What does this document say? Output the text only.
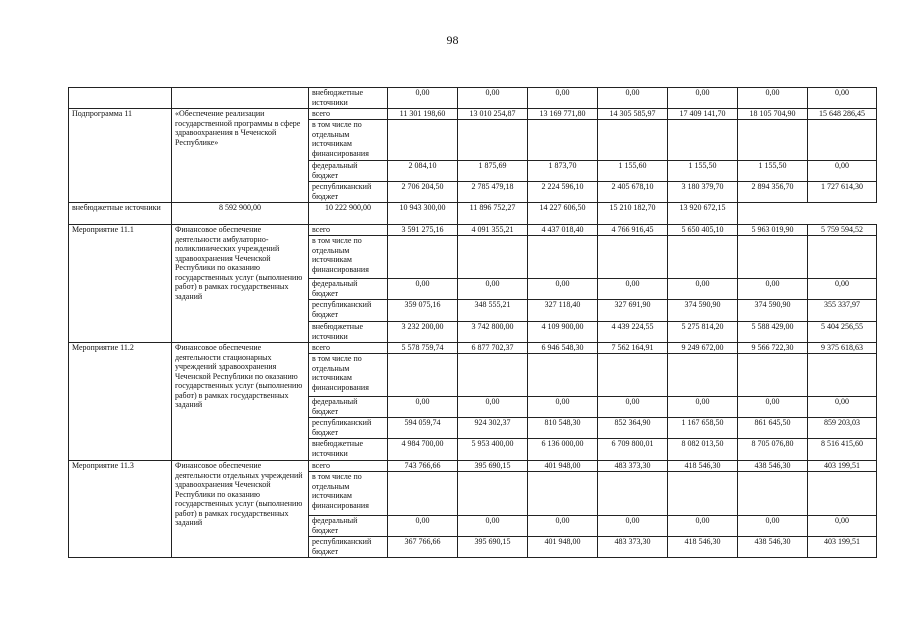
98
		внебюджетные источники	0,00	0,00	0,00	0,00	0,00	0,00	0,00
Подпрограмма 11	«Обеспечение реализации государственной программы в сфере здравоохранения в Чеченской Республике»	всего	11 301 198,60	13 010 254,87	13 169 771,80	14 305 585,97	17 409 141,70	18 105 704,90	15 648 286,45
		в том числе по отдельным источникам финансирования							
		федеральный бюджет	2 084,10	1 875,69	1 873,70	1 155,60	1 155,50	1 155,50	0,00
		республиканский бюджет	2 706 204,50	2 785 479,18	2 224 596,10	2 405 678,10	3 180 379,70	2 894 356,70	1 727 614,30
внебюджетные источники	8 592 900,00	10 222 900,00	10 943 300,00	11 896 752,27	14 227 606,50	15 210 182,70	13 920 672,15		
Мероприятие 11.1	Финансовое обеспечение деятельности амбулаторно-поликлинических учреждений здравоохранения Чеченской Республики по оказанию государственных услуг (выполнению работ) в рамках государственных заданий	всего	3 591 275,16	4 091 355,21	4 437 018,40	4 766 916,45	5 650 405,10	5 963 019,90	5 759 594,52
		в том числе по отдельным источникам финансирования							
		федеральный бюджет	0,00	0,00	0,00	0,00	0,00	0,00	0,00
		республиканский бюджет	359 075,16	348 555,21	327 118,40	327 691,90	374 590,90	374 590,90	355 337,97
		внебюджетные источники	3 232 200,00	3 742 800,00	4 109 900,00	4 439 224,55	5 275 814,20	5 588 429,00	5 404 256,55
Мероприятие 11.2	Финансовое обеспечение деятельности стационарных учреждений здравоохранения Чеченской Республики по оказанию государственных услуг (выполнению работ) в рамках государственных заданий	всего	5 578 759,74	6 877 702,37	6 946 548,30	7 562 164,91	9 249 672,00	9 566 722,30	9 375 618,63
		в том числе по отдельным источникам финансирования							
		федеральный бюджет	0,00	0,00	0,00	0,00	0,00	0,00	0,00
		республиканский бюджет	594 059,74	924 302,37	810 548,30	852 364,90	1 167 658,50	861 645,50	859 203,03
		внебюджетные источники	4 984 700,00	5 953 400,00	6 136 000,00	6 709 800,01	8 082 013,50	8 705 076,80	8 516 415,60
Мероприятие 11.3	Финансовое обеспечение деятельности отдельных учреждений здравоохранения Чеченской Республики по оказанию государственных услуг (выполнению работ) в рамках государственных заданий	всего	743 766,66	395 690,15	401 948,00	483 373,30	418 546,30	438 546,30	403 199,51
		в том числе по отдельным источникам финансирования							
		федеральный бюджет	0,00	0,00	0,00	0,00	0,00	0,00	0,00
		республиканский бюджет	367 766,66	395 690,15	401 948,00	483 373,30	418 546,30	438 546,30	403 199,51
